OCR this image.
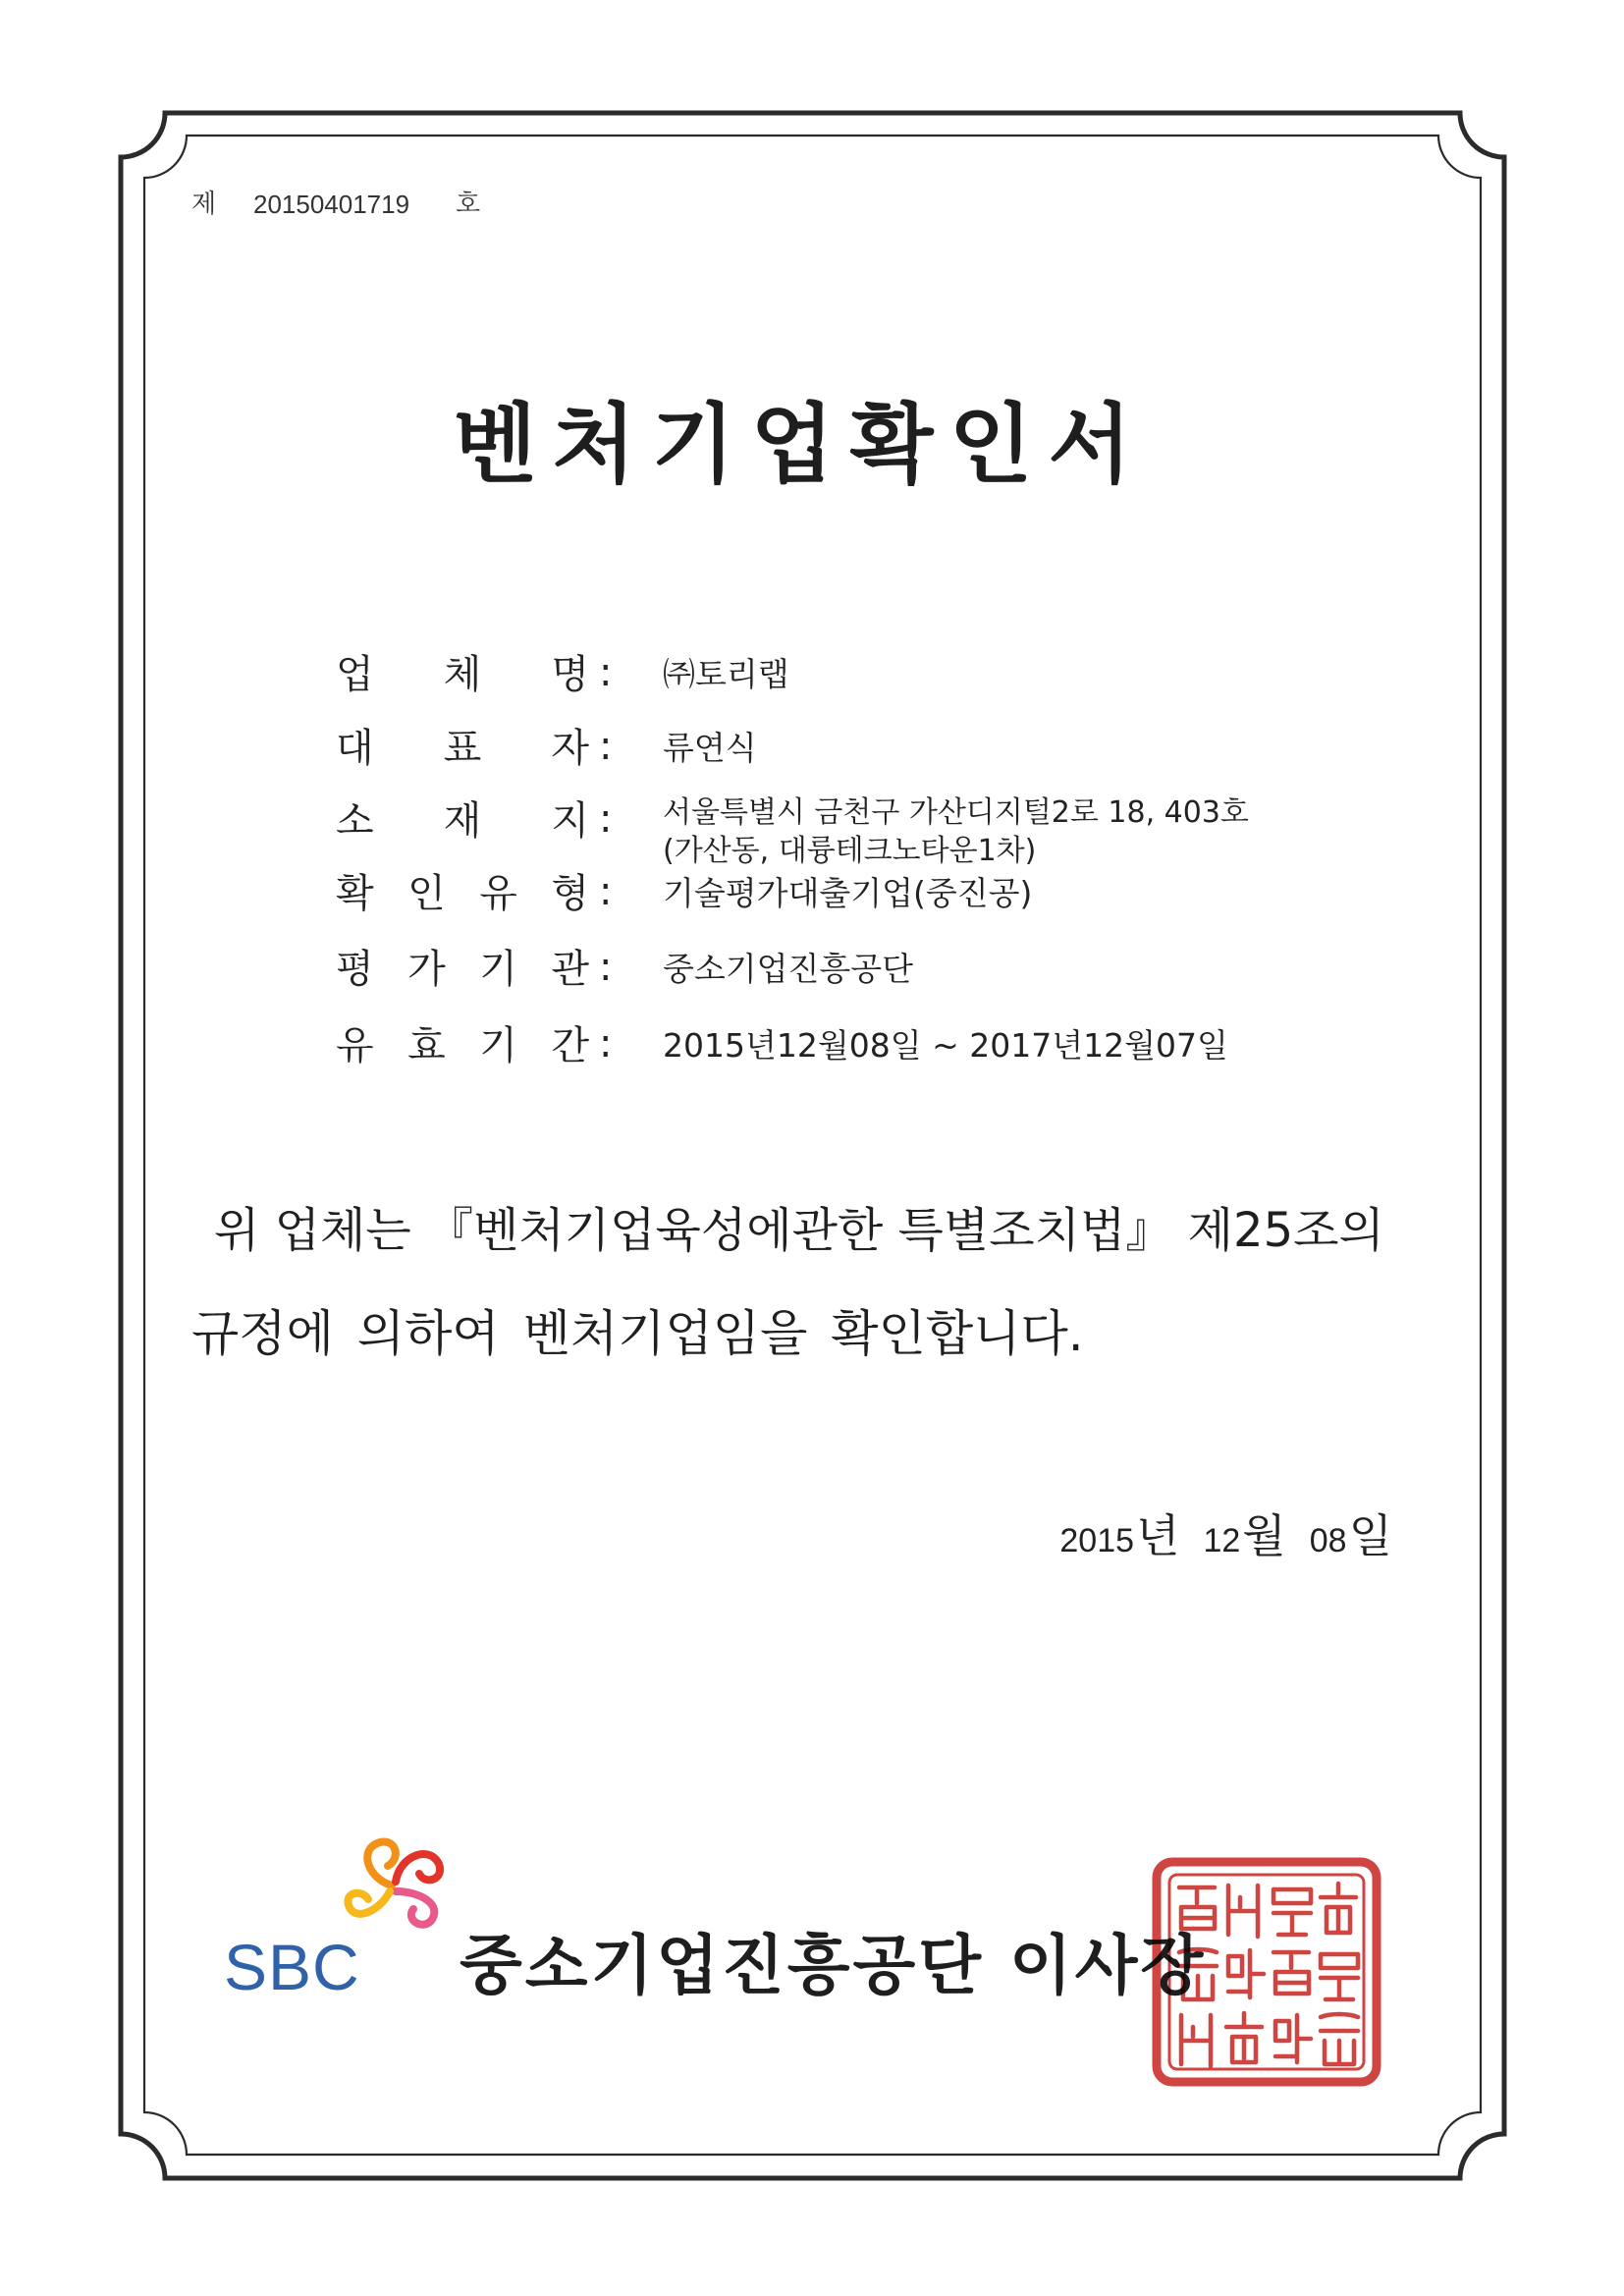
제 20150401719 호
벤처기업확인서
업 체 명 : ㈜토리랩
대 표 자 : 류연식
소 재 지 : 서울특별시 금천구 가산디지털2로 18, 403호
(가산동, 대륭테크노타운1차)
확 인 유 형 : 기술평가대출기업(중진공)
평 가 기 관 : 중소기업진흥공단
유 효 기 간 : 2015년12월08일 ~ 2017년12월07일
위 업체는 『벤처기업육성에관한 특별조치법』 제25조의
규정에 의하여 벤처기업임을 확인합니다.
2015 년 12 월 08 일
SBC 중소기업진흥공단 이사장
